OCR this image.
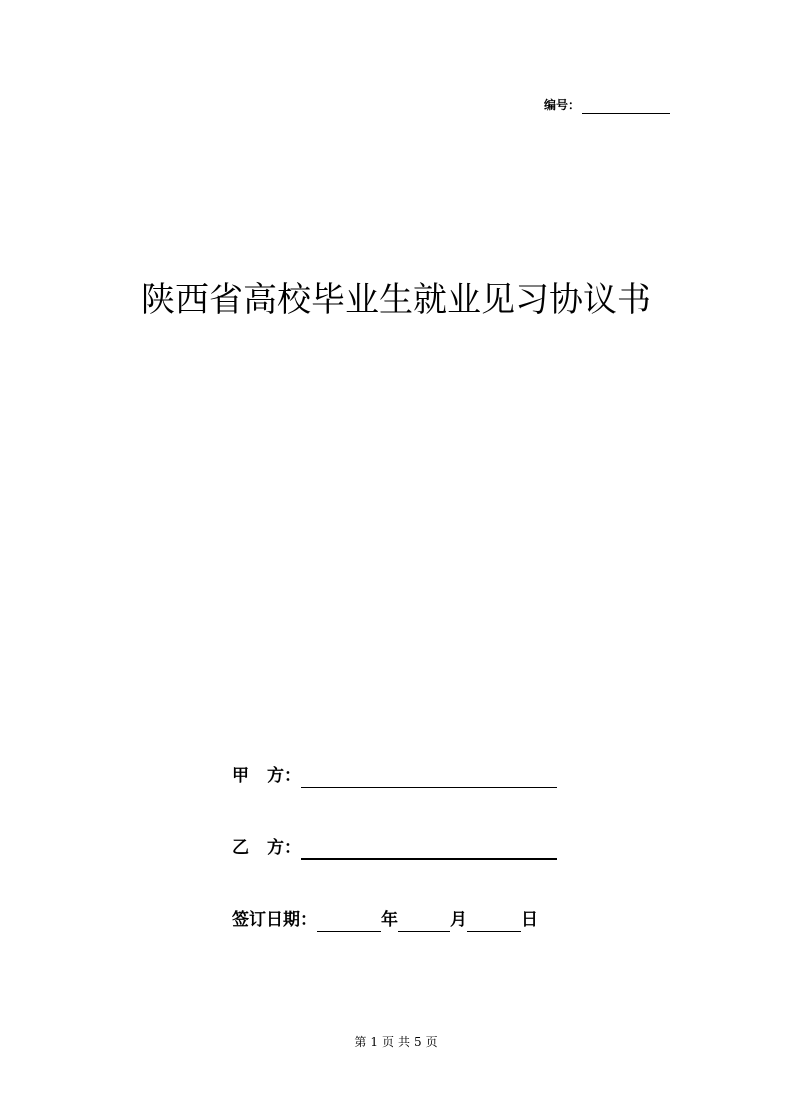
编号：
陕西省高校毕业生就业见习协议书
甲 方：
乙 方：
签订日期：	年	月	日
第 1 页 共 5 页
